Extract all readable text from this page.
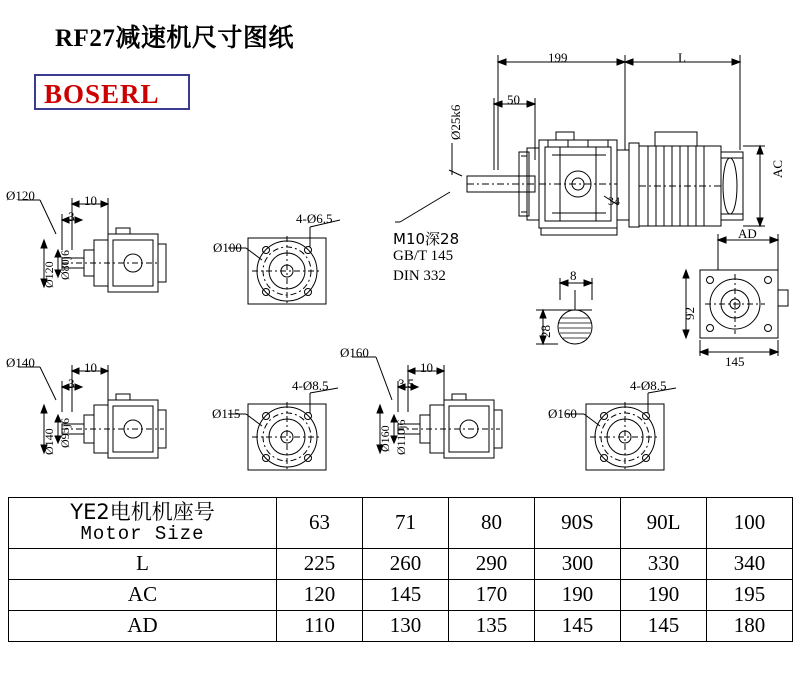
RF27减速机尺寸图纸
BOSERL
199	L
50
Ø25k6
34
AC
M10深28
GB/T 145
DIN 332	8
28
AD
92
145
Ø120	10
3
Ø80j6
Ø120
Ø100
4-Ø6.5
Ø140	10
3
Ø95j6
Ø140
Ø115
4-Ø8.5
Ø160
10
3.5
Ø110j6
Ø160
Ø160
4-Ø8.5
YE2电机机座号
Motor Size	63	71	80	90S	90L	100
L	225	260	290	300	330	340
AC	120	145	170	190	190	195
AD	110	130	135	145	145	180
